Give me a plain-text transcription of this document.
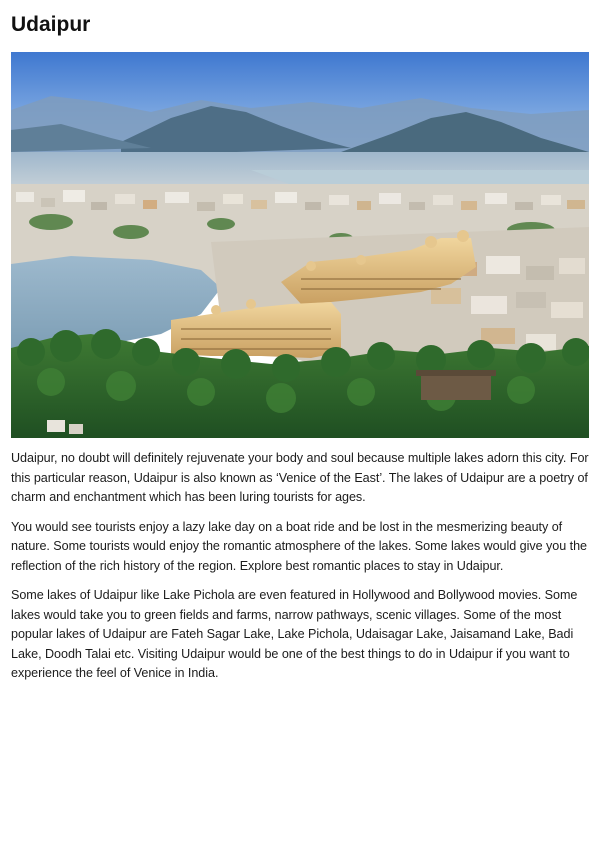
Udaipur

Udaipur, no doubt will definitely rejuvenate your body and soul because multiple lakes adorn this city. For this particular reason, Udaipur is also known as ‘Venice of the East’. The lakes of Udaipur are a poetry of charm and enchantment which has been luring tourists for ages.

You would see tourists enjoy a lazy lake day on a boat ride and be lost in the mesmerizing beauty of nature. Some tourists would enjoy the romantic atmosphere of the lakes. Some lakes would give you the reflection of the rich history of the region. Explore best romantic places to stay in Udaipur.

Some lakes of Udaipur like Lake Pichola are even featured in Hollywood and Bollywood movies. Some lakes would take you to green fields and farms, narrow pathways, scenic villages. Some of the most popular lakes of Udaipur are Fateh Sagar Lake, Lake Pichola, Udaisagar Lake, Jaisamand Lake, Badi Lake, Doodh Talai etc. Visiting Udaipur would be one of the best things to do in Udaipur if you want to experience the feel of Venice in India.
